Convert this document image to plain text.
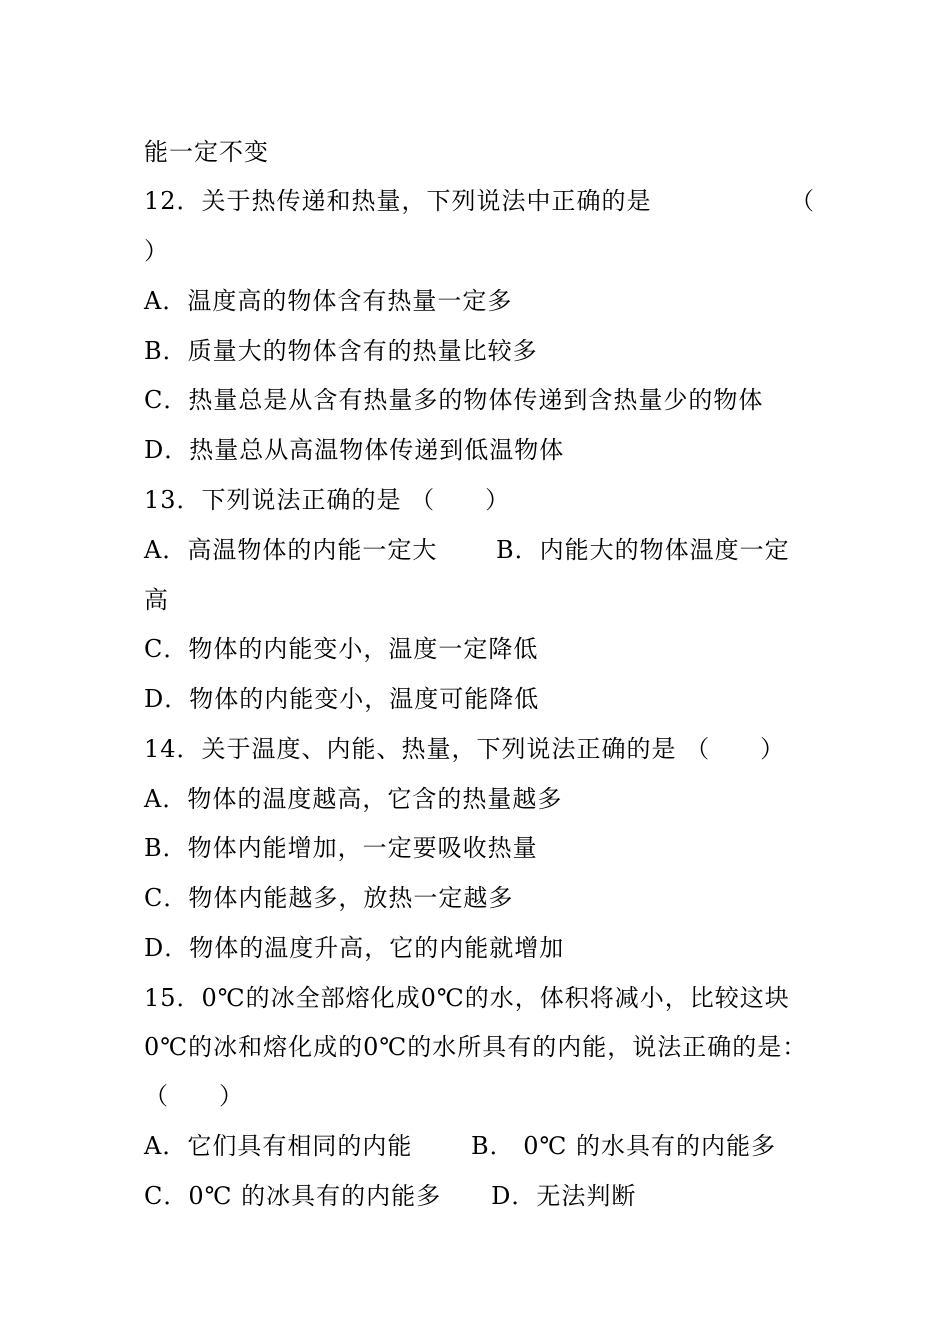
能一定不变
12．关于热传递和热量，下列说法中正确的是	（
）
A．温度高的物体含有热量一定多
B．质量大的物体含有的热量比较多
C．热量总是从含有热量多的物体传递到含热量少的物体
D．热量总从高温物体传递到低温物体
13．下列说法正确的是 （　　）
A．高温物体的内能一定大　　 B．内能大的物体温度一定
高
C．物体的内能变小，温度一定降低
D．物体的内能变小，温度可能降低
14．关于温度、内能、热量，下列说法正确的是 （　　）
A．物体的温度越高，它含的热量越多
B．物体内能增加，一定要吸收热量
C．物体内能越多，放热一定越多
D．物体的温度升高，它的内能就增加
15．0℃的冰全部熔化成0℃的水，体积将减小，比较这块
0℃的冰和熔化成的0℃的水所具有的内能，说法正确的是：
（　　）
A．它们具有相同的内能　　 B． 0℃ 的水具有的内能多
C．0℃ 的冰具有的内能多　　D．无法判断
